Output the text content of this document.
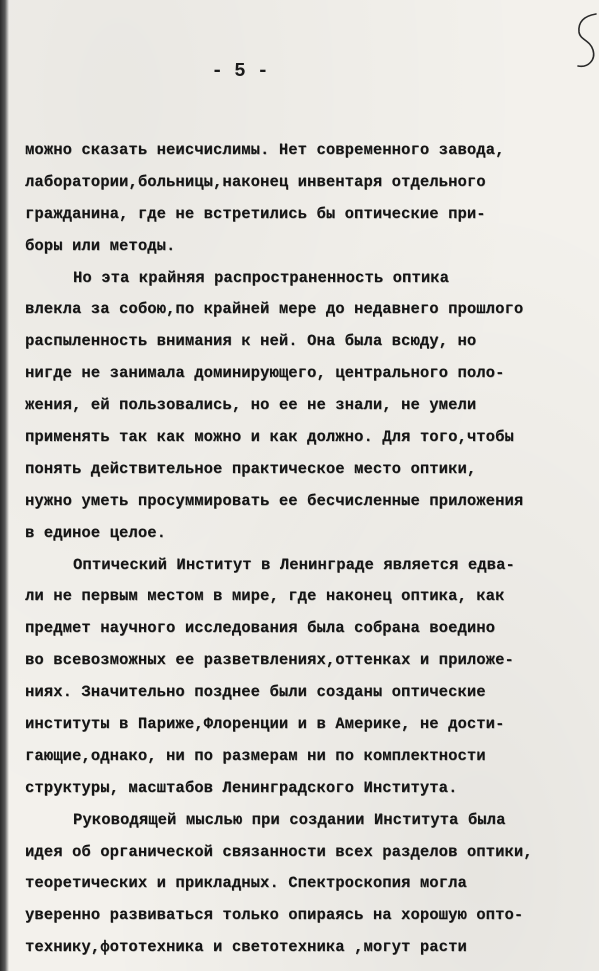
- 5 -
можно сказать неисчислимы. Нет современного завода,
лаборатории,больницы,наконец инвентаря отдельного
гражданина, где не встретились бы оптические при-
боры или методы.
Но эта крайняя распространенность оптика
влекла за собою,по крайней мере до недавнего прошлого
распыленность внимания к ней. Она была всюду, но
нигде не занимала доминирующего, центрального поло-
жения, ей пользовались, но ее не знали, не умели
применять так как можно и как должно. Для того,чтобы
понять действительное практическое место оптики,
нужно уметь просуммировать ее бесчисленные приложения
в единое целое.
Оптический Институт в Ленинграде является едва-
ли не первым местом в мире, где наконец оптика, как
предмет научного исследования была собрана воедино
во всевозможных ее разветвлениях,оттенках и приложе-
ниях. Значительно позднее были созданы оптические
институты в Париже,Флоренции и в Америке, не дости-
гающие,однако, ни по размерам ни по комплектности
структуры, масштабов Ленинградского Института.
Руководящей мыслью при создании Института была
идея об органической связанности всех разделов оптики,
теоретических и прикладных. Спектроскопия могла
уверенно развиваться только опираясь на хорошую опто-
технику,фототехника и светотехника ,могут расти
